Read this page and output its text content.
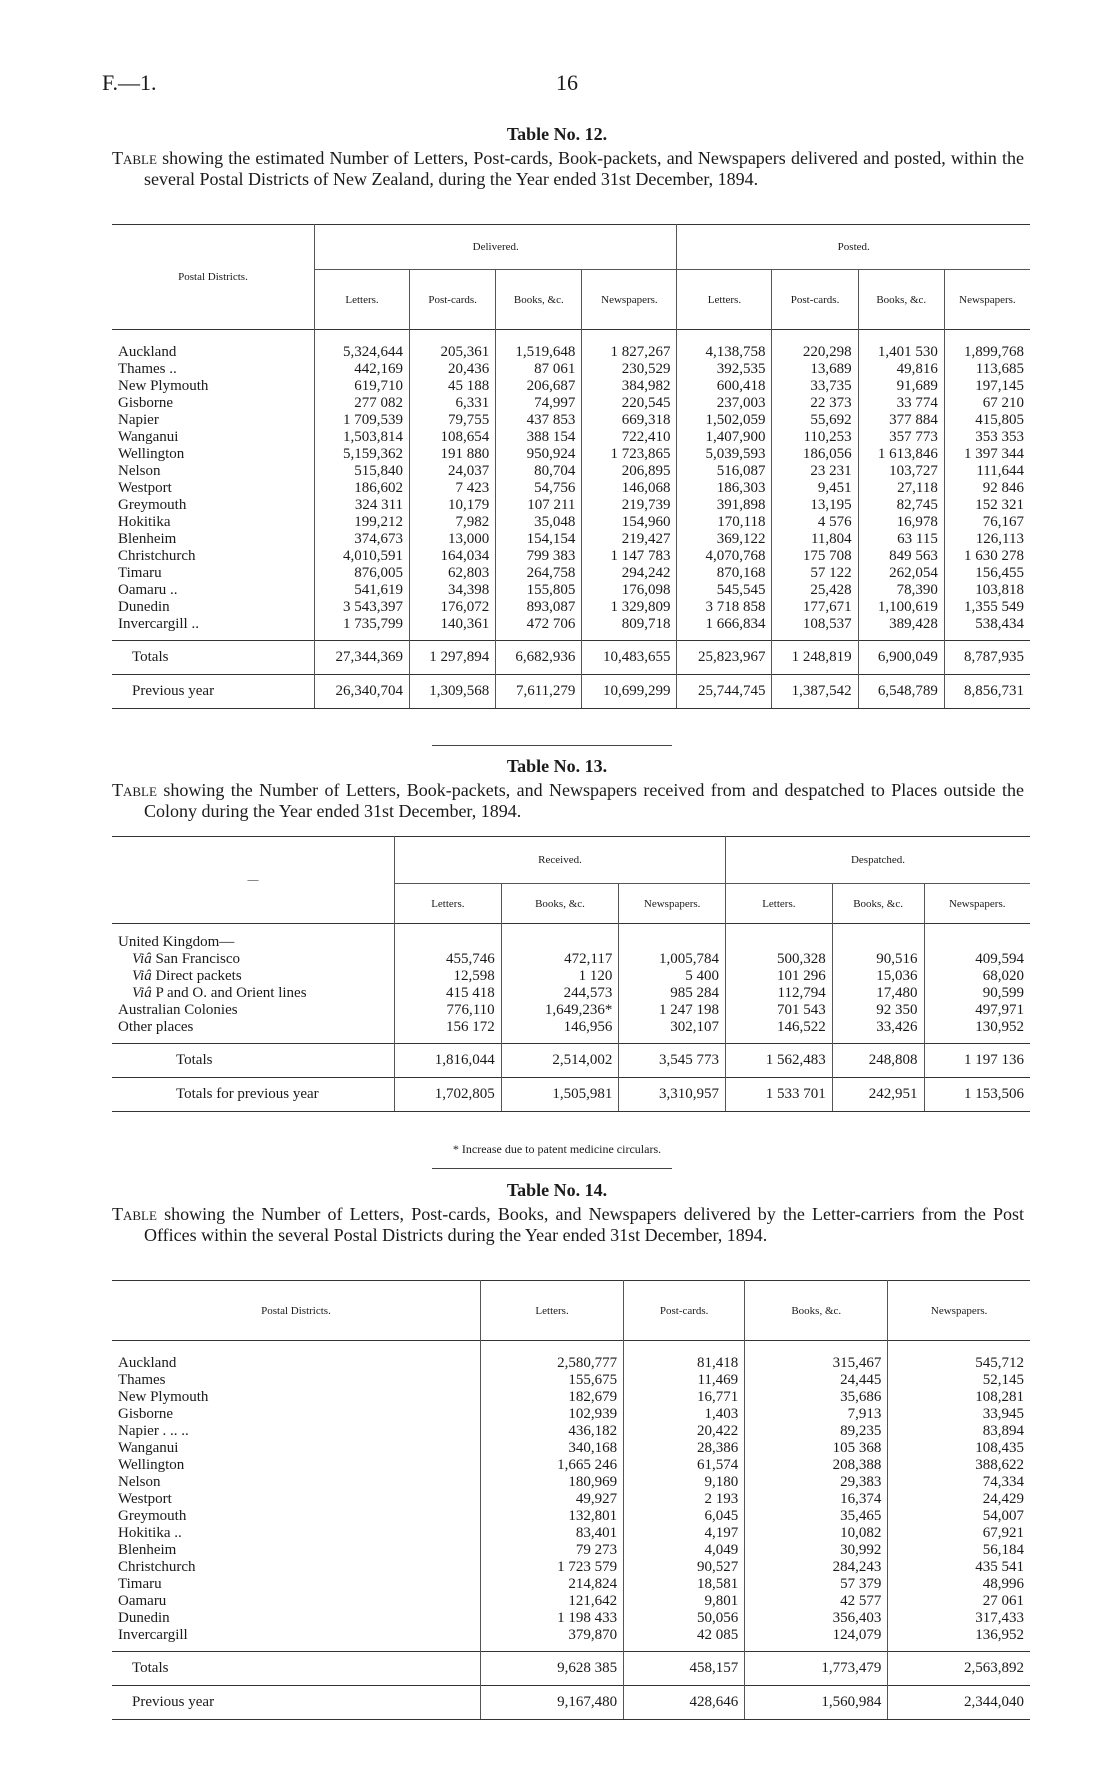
F.—1.	16
Table No. 12.
Table showing the estimated Number of Letters, Post-cards, Book-packets, and Newspapers delivered and posted, within the several Postal Districts of New Zealand, during the Year ended 31st December, 1894.
Postal Districts.	Delivered.				Posted.			
	Letters.	Post-cards.	Books, &c.	Newspapers.	Letters.	Post-cards.	Books, &c.	Newspapers.

Auckland	5,324,644	205,361	1,519,648	1 827,267	4,138,758	220,298	1,401 530	1,899,768
Thames ..	442,169	20,436	87 061	230,529	392,535	13,689	49,816	113,685
New Plymouth	619,710	45 188	206,687	384,982	600,418	33,735	91,689	197,145
Gisborne	277 082	6,331	74,997	220,545	237,003	22 373	33 774	67 210
Napier	1 709,539	79,755	437 853	669,318	1,502,059	55,692	377 884	415,805
Wanganui	1,503,814	108,654	388 154	722,410	1,407,900	110,253	357 773	353 353
Wellington	5,159,362	191 880	950,924	1 723,865	5,039,593	186,056	1 613,846	1 397 344
Nelson	515,840	24,037	80,704	206,895	516,087	23 231	103,727	111,644
Westport	186,602	7 423	54,756	146,068	186,303	9,451	27,118	92 846
Greymouth	324 311	10,179	107 211	219,739	391,898	13,195	82,745	152 321
Hokitika	199,212	7,982	35,048	154,960	170,118	4 576	16,978	76,167
Blenheim	374,673	13,000	154,154	219,427	369,122	11,804	63 115	126,113
Christchurch	4,010,591	164,034	799 383	1 147 783	4,070,768	175 708	849 563	1 630 278
Timaru	876,005	62,803	264,758	294,242	870,168	57 122	262,054	156,455
Oamaru ..	541,619	34,398	155,805	176,098	545,545	25,428	78,390	103,818
Dunedin	3 543,397	176,072	893,087	1 329,809	3 718 858	177,671	1,100,619	1,355 549
Invercargill ..	1 735,799	140,361	472 706	809,718	1 666,834	108,537	389,428	538,434

Totals	27,344,369	1 297,894	6,682,936	10,483,655	25,823,967	1 248,819	6,900,049	8,787,935
Previous year	26,340,704	1,309,568	7,611,279	10,699,299	25,744,745	1,387,542	6,548,789	8,856,731
Table No. 13.
Table showing the Number of Letters, Book-packets, and Newspapers received from and despatched to Places outside the Colony during the Year ended 31st December, 1894.
—	Received.			Despatched.		
	Letters.	Books, &c.	Newspapers.	Letters.	Books, &c.	Newspapers.

United Kingdom—						
Viâ San Francisco	455,746	472,117	1,005,784	500,328	90,516	409,594
Viâ Direct packets	12,598	1 120	5 400	101 296	15,036	68,020
Viâ P and O. and Orient lines	415 418	244,573	985 284	112,794	17,480	90,599
Australian Colonies	776,110	1,649,236*	1 247 198	701 543	92 350	497,971
Other places	156 172	146,956	302,107	146,522	33,426	130,952

Totals	1,816,044	2,514,002	3,545 773	1 562,483	248,808	1 197 136
Totals for previous year	1,702,805	1,505,981	3,310,957	1 533 701	242,951	1 153,506
* Increase due to patent medicine circulars.
Table No. 14.
Table showing the Number of Letters, Post-cards, Books, and Newspapers delivered by the Letter-carriers from the Post Offices within the several Postal Districts during the Year ended 31st December, 1894.
Postal Districts.	Letters.	Post-cards.	Books, &c.	Newspapers.

Auckland	2,580,777	81,418	315,467	545,712
Thames	155,675	11,469	24,445	52,145
New Plymouth	182,679	16,771	35,686	108,281
Gisborne	102,939	1,403	7,913	33,945
Napier . .. ..	436,182	20,422	89,235	83,894
Wanganui	340,168	28,386	105 368	108,435
Wellington	1,665 246	61,574	208,388	388,622
Nelson	180,969	9,180	29,383	74,334
Westport	49,927	2 193	16,374	24,429
Greymouth	132,801	6,045	35,465	54,007
Hokitika ..	83,401	4,197	10,082	67,921
Blenheim	79 273	4,049	30,992	56,184
Christchurch	1 723 579	90,527	284,243	435 541
Timaru	214,824	18,581	57 379	48,996
Oamaru	121,642	9,801	42 577	27 061
Dunedin	1 198 433	50,056	356,403	317,433
Invercargill	379,870	42 085	124,079	136,952

Totals	9,628 385	458,157	1,773,479	2,563,892
Previous year	9,167,480	428,646	1,560,984	2,344,040
